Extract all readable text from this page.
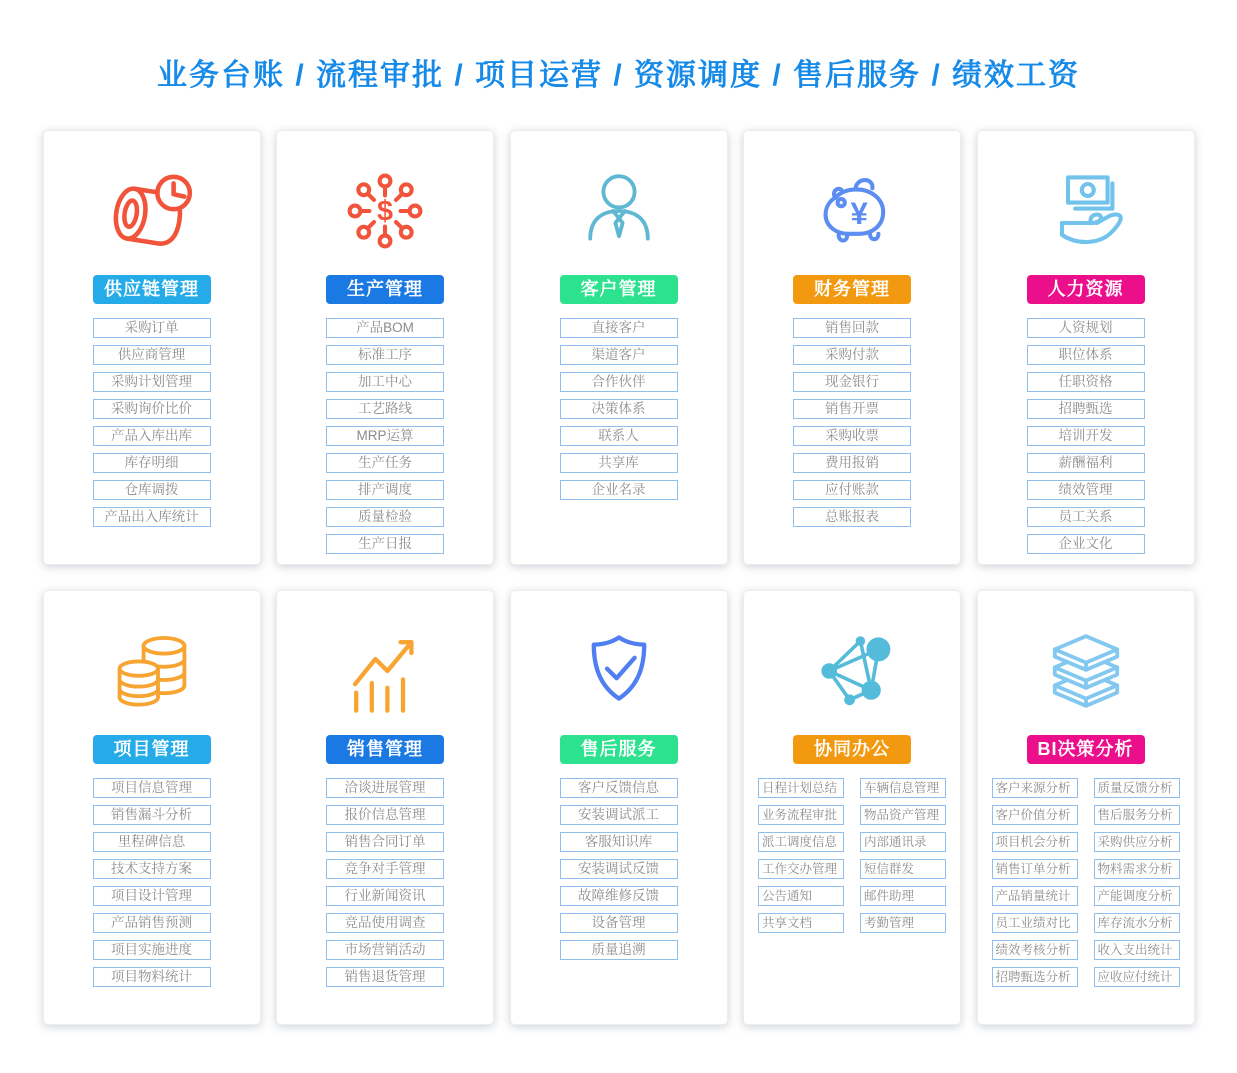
业务台账 / 流程审批 / 项目运营 / 资源调度 / 售后服务 / 绩效工资
供应链管理
采购订单
供应商管理
采购计划管理
采购询价比价
产品入库出库
库存明细
仓库调拨
产品出入库统计
$
生产管理
产品BOM
标准工序
加工中心
工艺路线
MRP运算
生产任务
排产调度
质量检验
生产日报
客户管理
直接客户
渠道客户
合作伙伴
决策体系
联系人
共享库
企业名录
¥
财务管理
销售回款
采购付款
现金银行
销售开票
采购收票
费用报销
应付账款
总账报表
人力资源
人资规划
职位体系
任职资格
招聘甄选
培训开发
薪酬福利
绩效管理
员工关系
企业文化
项目管理
项目信息管理
销售漏斗分析
里程碑信息
技术支持方案
项目设计管理
产品销售预测
项目实施进度
项目物料统计
销售管理
洽谈进展管理
报价信息管理
销售合同订单
竞争对手管理
行业新闻资讯
竞品使用调查
市场营销活动
销售退货管理
售后服务
客户反馈信息
安装调试派工
客服知识库
安装调试反馈
故障维修反馈
设备管理
质量追溯
协同办公
日程计划总结
业务流程审批
派工调度信息
工作交办管理
公告通知
共享文档
车辆信息管理
物品资产管理
内部通讯录
短信群发
邮件助理
考勤管理
BI决策分析
客户来源分析
客户价值分析
项目机会分析
销售订单分析
产品销量统计
员工业绩对比
绩效考核分析
招聘甄选分析
质量反馈分析
售后服务分析
采购供应分析
物料需求分析
产能调度分析
库存流水分析
收入支出统计
应收应付统计
